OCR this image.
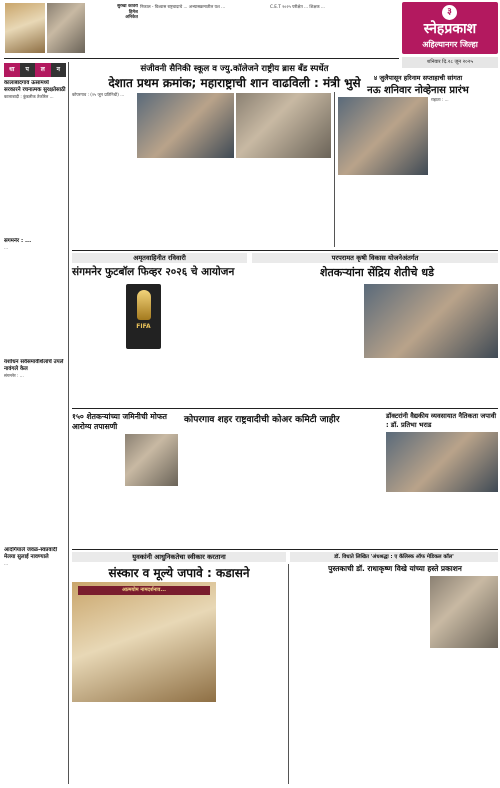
३
स्नेहप्रकाश
अहिल्यानगर जिल्हा
शनिवार दि.२८ जून २०२५
सुरेखा कावेरी
हिमेश
अनिकेत
निकाल - विश्वास राष्ट्रवादाचे ... अभ्यासक्रमातील यश ...	C.E.T २०२५ परीक्षेत ... शिक्षक ...
धा	प	ल	न
कालाबादगाव ऊसामध्ये सरकारने रचनात्मक सुरक्षतेसाठी
कालाबादी : कुंडलीक तेकोरेल ...
संगमनेर : ...
...
यशोधन सर्वसमावेशिलांचे उपले नावंगले केल
संगमनेर : ...
आदोर्गयाले जवळ-स्वप्रवादी मेलया सुलाई नावण्याले
...
संजीवनी सैनिकी स्कूल व ज्यु.कॉलेजने राष्ट्रीय ब्रास बँड स्पर्धेत
देशात प्रथम क्रमांक; महाराष्ट्राची शान वाढविली : मंत्री भुसे
कोपरगाव : (२५ जून प्रतिनिधी) ...
४ जुलैपासून हरिनाम सप्ताहाची सांगता
नऊ शनिवार नोव्हेनास प्रारंभ
राहाता : ...
अमृतवाहिनीत रविवारी	परपरामत कृषी विकास योजनेअंतर्गत
संगमनेर फुटबॉल फिव्हर २०२६ चे आयोजन
FIFA
शेतकऱ्यांना सेंद्रिय शेतीचे धडे
१५० शेतकऱ्यांच्या जमिनीची मोफत आरोग्य तपासणी
कोपरगाव शहर राष्ट्रवादीची कोअर कमिटी जाहीर	डॉक्टरांनी वैद्यकीय व्यवसायात नैतिकता जपावी : डॉ. प्रतिभा भराड
युवकांनी आधुनिकतेचा स्वीकार करताना	डॉ. विधाते लिखित 'अंधश्रद्धा : ए कॅलिस्क ऑफ मेडिकल कॉल'
संस्कार व मूल्ये जपावे : कडासने
आत्मयोम नामदर्शनाव...
पुस्तकाची डॉ. राधाकृष्ण विखे यांच्या हस्ते प्रकाशन
